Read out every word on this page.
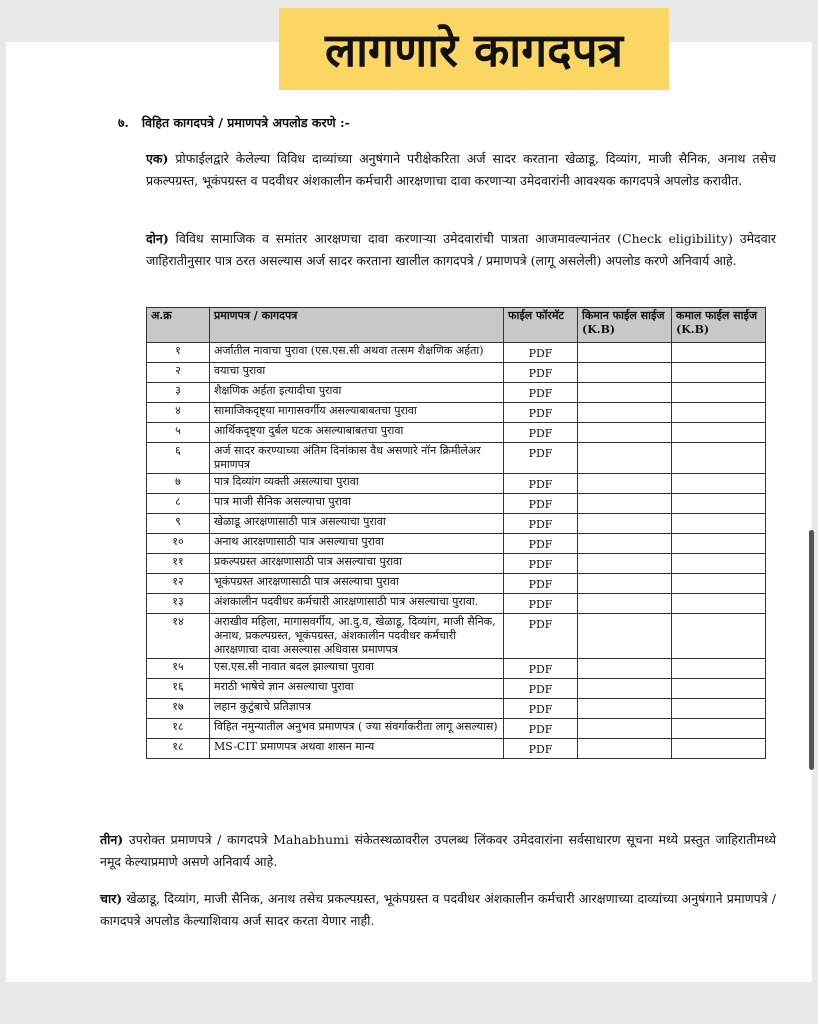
लागणारे कागदपत्र
७. विहित कागदपत्रे / प्रमाणपत्रे अपलोड करणे :-
एक) प्रोफाईलद्वारे केलेल्या विविध दाव्यांच्या अनुषंगाने परीक्षेकरिता अर्ज सादर करताना खेळाडू, दिव्यांग, माजी सैनिक, अनाथ तसेच प्रकल्पग्रस्त, भूकंपग्रस्त व पदवीधर अंशकालीन कर्मचारी आरक्षणाचा दावा करणाऱ्या उमेदवारांनी आवश्यक कागदपत्रे अपलोड करावीत.
दोन) विविध सामाजिक व समांतर आरक्षणचा दावा करणाऱ्या उमेदवारांची पात्रता आजमावल्यानंतर (Check eligibility) उमेदवार जाहिरातीनुसार पात्र ठरत असल्यास अर्ज सादर करताना खालील कागदपत्रे / प्रमाणपत्रे (लागू असलेली) अपलोड करणे अनिवार्य आहे.
अ.क्र	प्रमाणपत्र / कागदपत्र	फाईल फॉरमॅट	किमान फाईल साईज (K.B)	कमाल फाईल साईज (K.B)
१	अर्जातील नावाचा पुरावा (एस.एस.सी अथवा तत्सम शैक्षणिक अर्हता)	PDF		
२	वयाचा पुरावा	PDF		
३	शैक्षणिक अर्हता इत्यादीचा पुरावा	PDF		
४	सामाजिकदृष्ट्या मागासवर्गीय असल्याबाबतचा पुरावा	PDF		
५	आर्थिकदृष्ट्या दुर्बल घटक असल्याबाबतचा पुरावा	PDF		
६	अर्ज सादर करण्याच्या अंतिम दिनांकास वैध असणारे नॉन क्रिमीलेअर प्रमाणपत्र	PDF		
७	पात्र दिव्यांग व्यक्ती असल्याचा पुरावा	PDF		
८	पात्र माजी सैनिक असल्याचा पुरावा	PDF		
९	खेळाडू आरक्षणासाठी पात्र असल्याचा पुरावा	PDF		
१०	अनाथ आरक्षणासाठी पात्र असल्याचा पुरावा	PDF		
११	प्रकल्पग्रस्त आरक्षणासाठी पात्र असल्याचा पुरावा	PDF		
१२	भूकंपग्रस्त आरक्षणासाठी पात्र असल्याचा पुरावा	PDF		
१३	अंशकालीन पदवीधर कर्मचारी आरक्षणासाठी पात्र असल्याचा पुरावा.	PDF		
१४	अराखीव महिला, मागासवर्गीय, आ.दु.व, खेळाडू, दिव्यांग, माजी सैनिक, अनाथ, प्रकल्पग्रस्त, भूकंपग्रस्त, अंशकालीन पदवीधर कर्मचारी आरक्षणाचा दावा असल्यास अधिवास प्रमाणपत्र	PDF		
१५	एस.एस.सी नावात बदल झाल्याचा पुरावा	PDF		
१६	मराठी भाषेचे ज्ञान असल्याचा पुरावा	PDF		
१७	लहान कुटुंबाचे प्रतिज्ञापत्र	PDF		
१८	विहित नमुन्यातील अनुभव प्रमाणपत्र ( ज्या संवर्गाकरीता लागू असल्यास)	PDF		
१८	MS-CIT प्रमाणपत्र अथवा शासन मान्य	PDF		
तीन) उपरोक्त प्रमाणपत्रे / कागदपत्रे Mahabhumi संकेतस्थळावरील उपलब्ध लिंकवर उमेदवारांना सर्वसाधारण सूचना मध्ये प्रस्तुत जाहिरातीमध्ये नमूद केल्याप्रमाणे असणे अनिवार्य आहे.
चार) खेळाडू, दिव्यांग, माजी सैनिक, अनाथ तसेच प्रकल्पग्रस्त, भूकंपग्रस्त व पदवीधर अंशकालीन कर्मचारी आरक्षणाच्या दाव्यांच्या अनुषंगाने प्रमाणपत्रे / कागदपत्रे अपलोड केल्याशिवाय अर्ज सादर करता येणार नाही.
